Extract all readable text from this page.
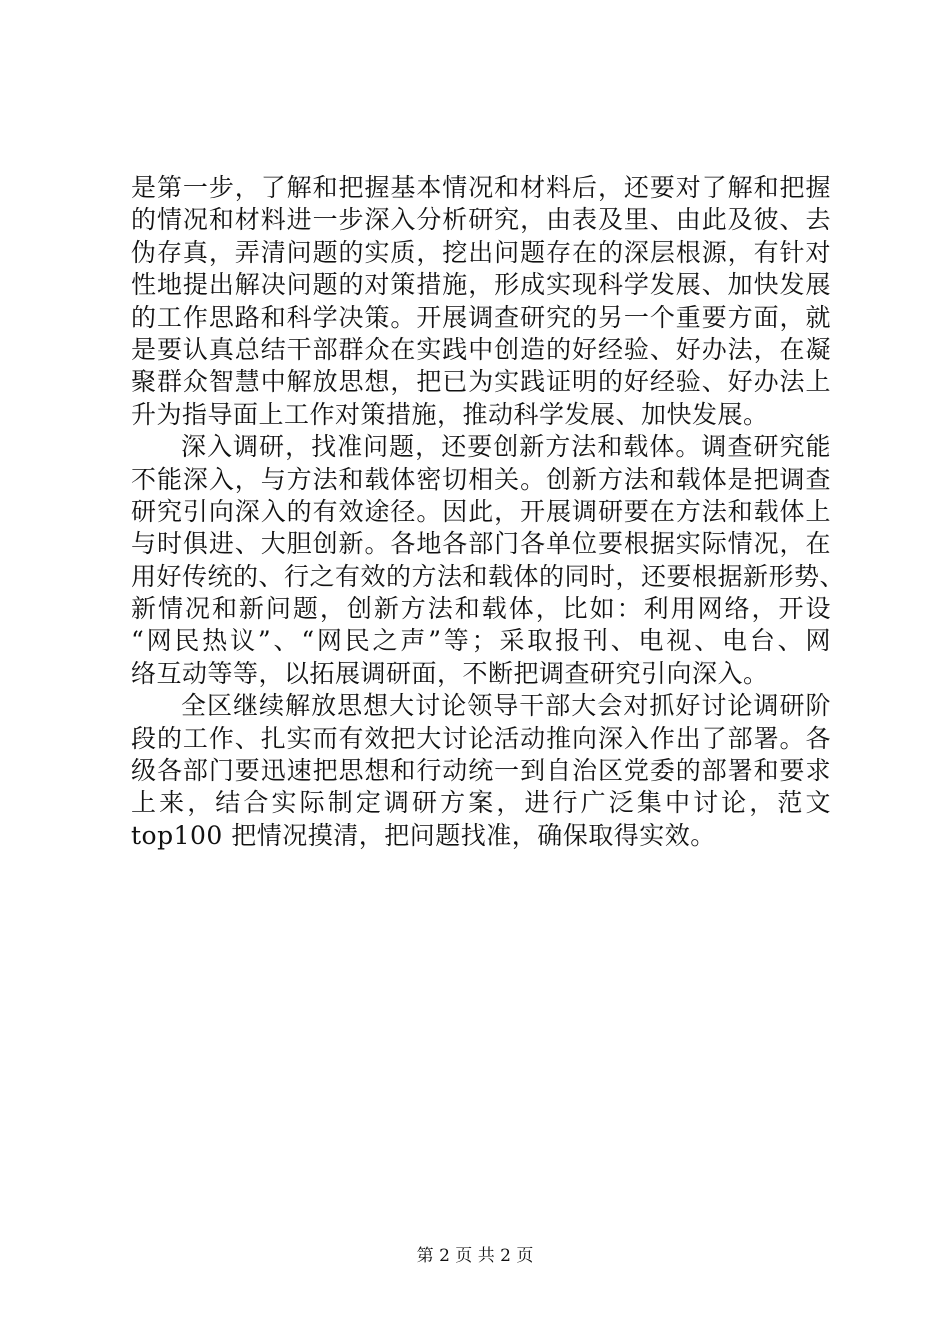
是第一步，了解和把握基本情况和材料后，还要对了解和把握
的情况和材料进一步深入分析研究，由表及里、由此及彼、去
伪存真，弄清问题的实质，挖出问题存在的深层根源，有针对
性地提出解决问题的对策措施，形成实现科学发展、加快发展
的工作思路和科学决策。开展调查研究的另一个重要方面，就
是要认真总结干部群众在实践中创造的好经验、好办法，在凝
聚群众智慧中解放思想，把已为实践证明的好经验、好办法上
升为指导面上工作对策措施，推动科学发展、加快发展。
深入调研，找准问题，还要创新方法和载体。调查研究能
不能深入，与方法和载体密切相关。创新方法和载体是把调查
研究引向深入的有效途径。因此，开展调研要在方法和载体上
与时俱进、大胆创新。各地各部门各单位要根据实际情况，在
用好传统的、行之有效的方法和载体的同时，还要根据新形势、
新情况和新问题，创新方法和载体，比如：利用网络，开设
“网民热议”、“网民之声”等；采取报刊、电视、电台、网
络互动等等，以拓展调研面，不断把调查研究引向深入。
全区继续解放思想大讨论领导干部大会对抓好讨论调研阶
段的工作、扎实而有效把大讨论活动推向深入作出了部署。各
级各部门要迅速把思想和行动统一到自治区党委的部署和要求
上来，结合实际制定调研方案，进行广泛集中讨论，范文
top100 把情况摸清，把问题找准，确保取得实效。
第 2 页 共 2 页
